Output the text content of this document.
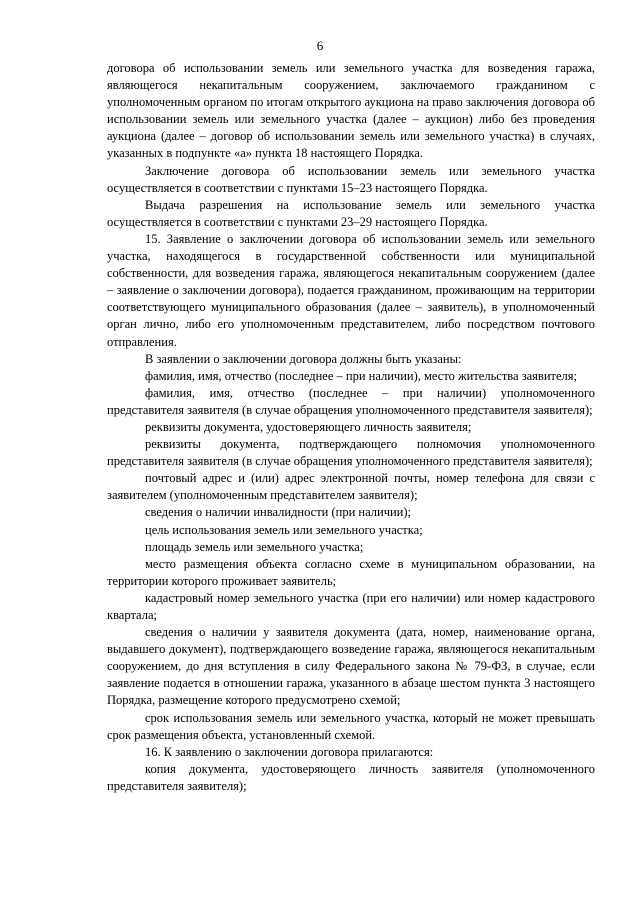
6

договора об использовании земель или земельного участка для возведения гаража, являющегося некапитальным сооружением, заключаемого гражданином с уполномоченным органом по итогам открытого аукциона на право заключения договора об использовании земель или земельного участка (далее – аукцион) либо без проведения аукциона (далее – договор об использовании земель или земельного участка) в случаях, указанных в подпункте «а» пункта 18 настоящего Порядка.

Заключение договора об использовании земель или земельного участка осуществляется в соответствии с пунктами 15–23 настоящего Порядка.

Выдача разрешения на использование земель или земельного участка осуществляется в соответствии с пунктами 23–29 настоящего Порядка.

15. Заявление о заключении договора об использовании земель или земельного участка, находящегося в государственной собственности или муниципальной собственности, для возведения гаража, являющегося некапитальным сооружением (далее – заявление о заключении договора), подается гражданином, проживающим на территории соответствующего муниципального образования (далее – заявитель), в уполномоченный орган лично, либо его уполномоченным представителем, либо посредством почтового отправления.

В заявлении о заключении договора должны быть указаны:

фамилия, имя, отчество (последнее – при наличии), место жительства заявителя;

фамилия, имя, отчество (последнее – при наличии) уполномоченного представителя заявителя (в случае обращения уполномоченного представителя заявителя);

реквизиты документа, удостоверяющего личность заявителя;

реквизиты документа, подтверждающего полномочия уполномоченного представителя заявителя (в случае обращения уполномоченного представителя заявителя);

почтовый адрес и (или) адрес электронной почты, номер телефона для связи с заявителем (уполномоченным представителем заявителя);

сведения о наличии инвалидности (при наличии);

цель использования земель или земельного участка;

площадь земель или земельного участка;

место размещения объекта согласно схеме в муниципальном образовании, на территории которого проживает заявитель;

кадастровый номер земельного участка (при его наличии) или номер кадастрового квартала;

сведения о наличии у заявителя документа (дата, номер, наименование органа, выдавшего документ), подтверждающего возведение гаража, являющегося некапитальным сооружением, до дня вступления в силу Федерального закона № 79-ФЗ, в случае, если заявление подается в отношении гаража, указанного в абзаце шестом пункта 3 настоящего Порядка, размещение которого предусмотрено схемой;

срок использования земель или земельного участка, который не может превышать срок размещения объекта, установленный схемой.

16. К заявлению о заключении договора прилагаются:

копия документа, удостоверяющего личность заявителя (уполномоченного представителя заявителя);
